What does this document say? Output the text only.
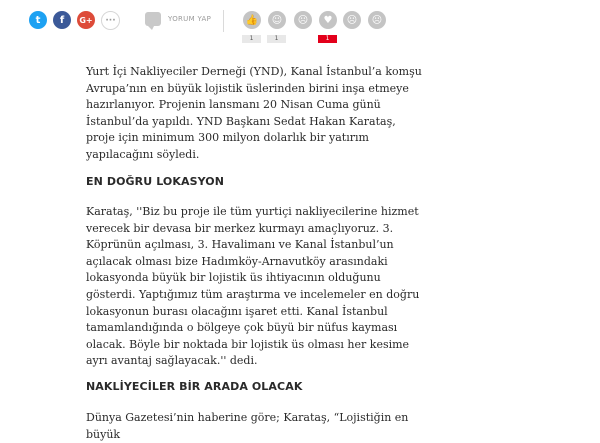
t f G+ ···	YORUM YAP	👍 ☺ ☹ ♥ ☹ ☹
1	1	1

Yurt İçi Nakliyeciler Derneği (YND), Kanal İstanbul’a komşu Avrupa’nın en büyük lojistik üslerinden birini inşa etmeye hazırlanıyor. Projenin lansmanı 20 Nisan Cuma günü İstanbul’da yapıldı. YND Başkanı Sedat Hakan Karataş, proje için minimum 300 milyon dolarlık bir yatırım yapılacağını söyledi.

EN DOĞRU LOKASYON

Karataş, ''Biz bu proje ile tüm yurtiçi nakliyecilerine hizmet verecek bir devasa bir merkez kurmayı amaçlıyoruz. 3. Köprünün açılması, 3. Havalimanı ve Kanal İstanbul’un açılacak olması bize Hadımköy-Arnavutköy arasındaki lokasyonda büyük bir lojistik üs ihtiyacının olduğunu gösterdi. Yaptığımız tüm araştırma ve incelemeler en doğru lokasyonun burası olacağını işaret etti. Kanal İstanbul tamamlandığında o bölgeye çok büyü bir nüfus kayması olacak. Böyle bir noktada bir lojistik üs olması her kesime ayrı avantaj sağlayacak.'' dedi.

NAKLİYECİLER BİR ARADA OLACAK

Dünya Gazetesi’nin haberine göre; Karataş, “Lojistiğin en büyük
